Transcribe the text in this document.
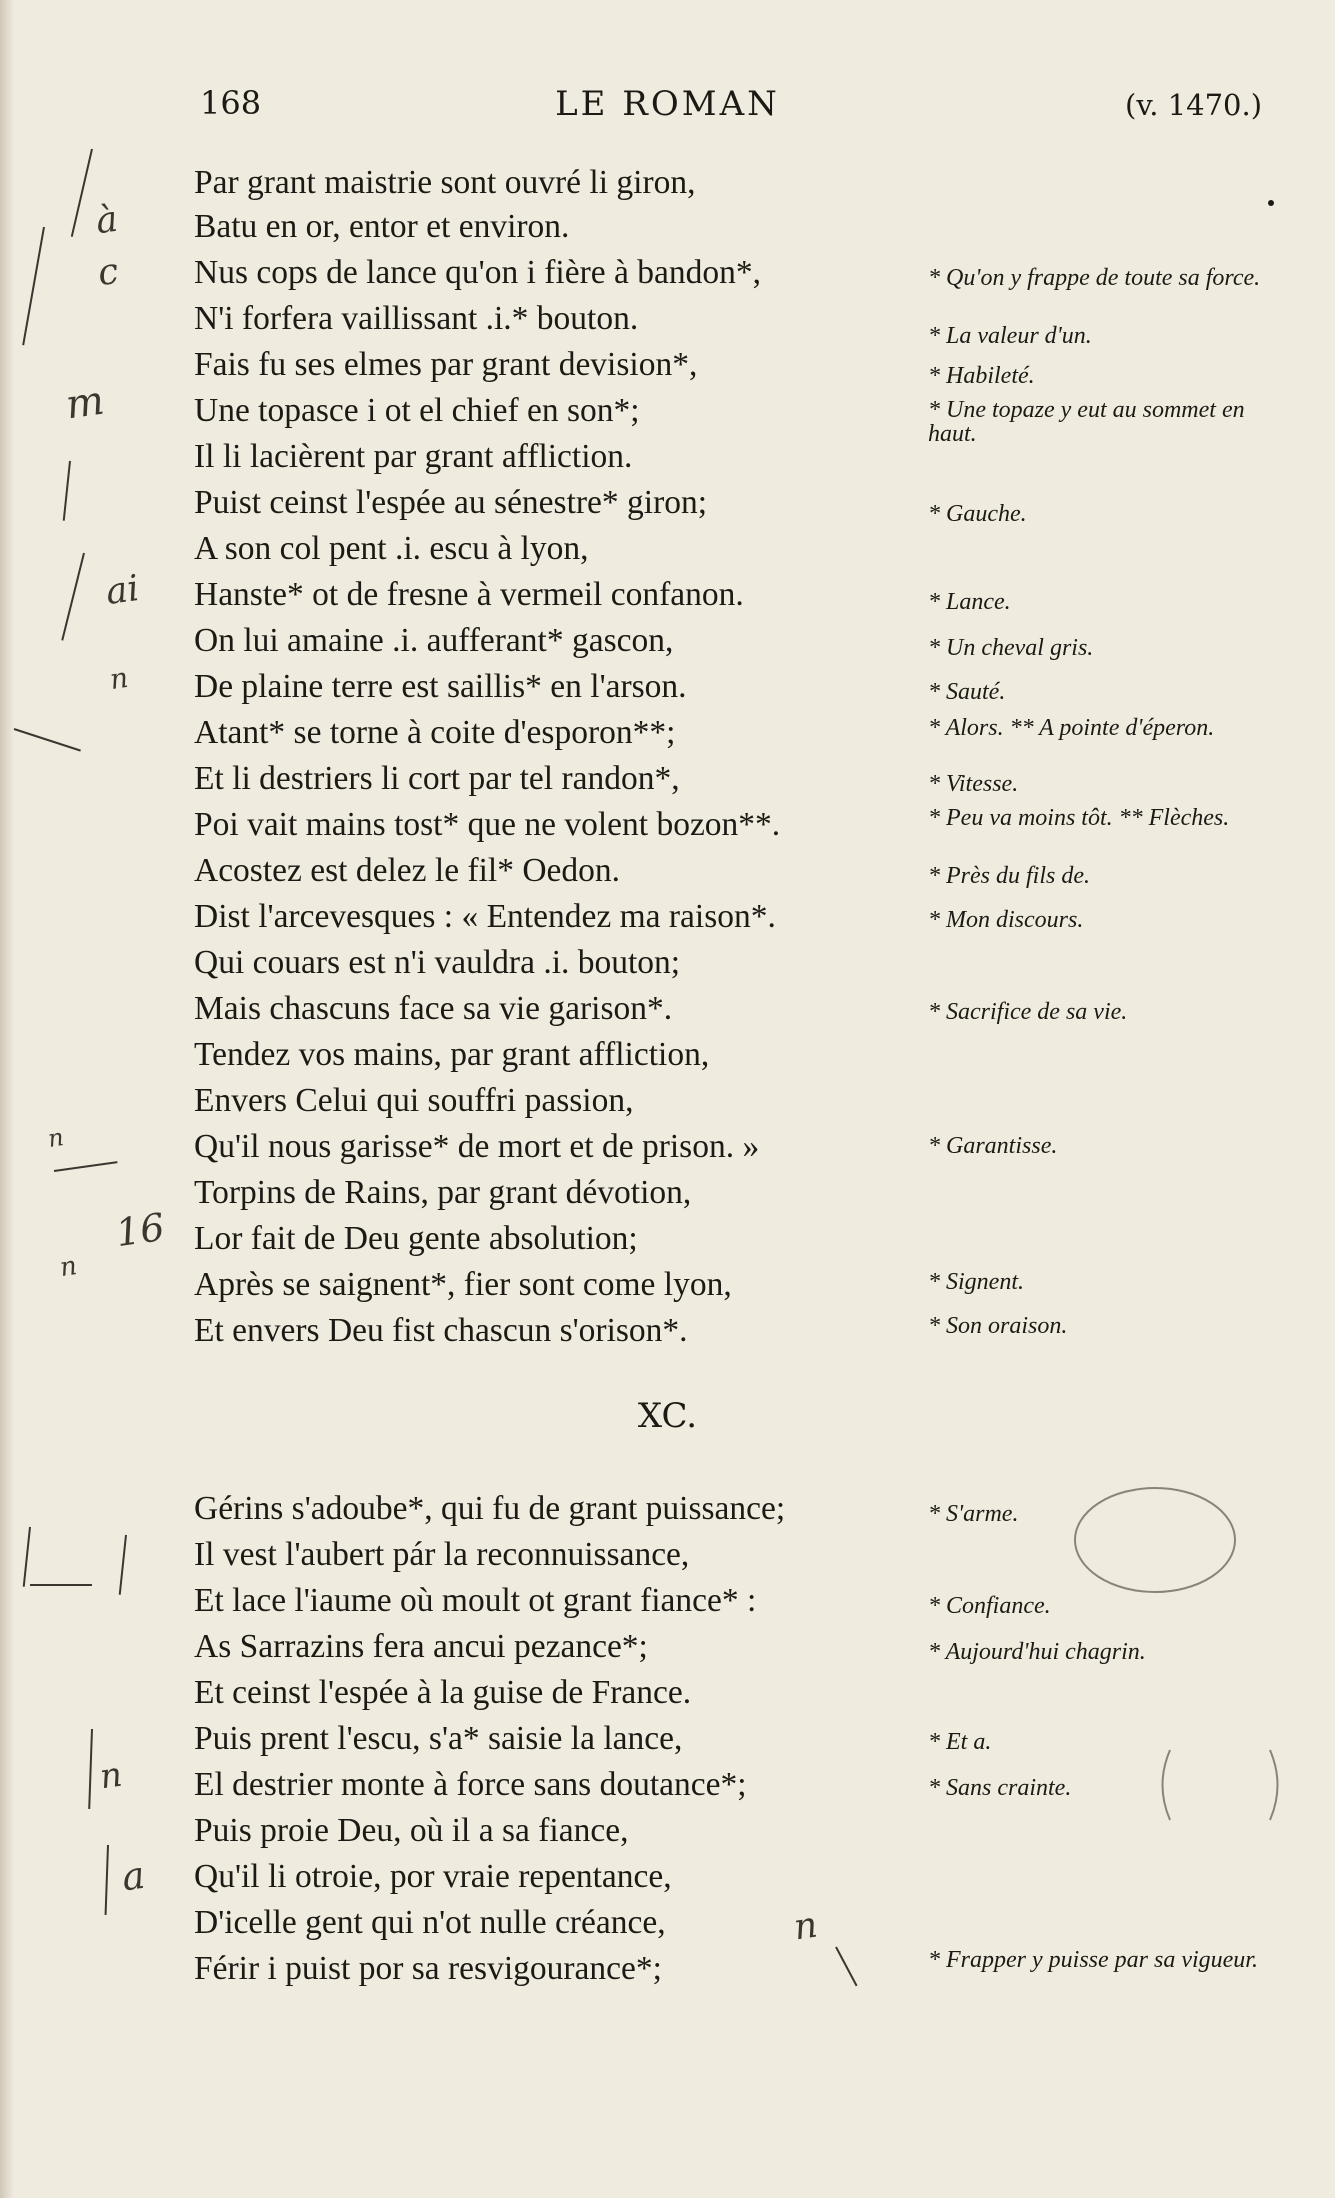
168	LE ROMAN	(v. 1470.)
Par grant maistrie sont ouvré li giron,
Batu en or, entor et environ.
Nus cops de lance qu'on i fière à bandon*,
N'i forfera vaillissant .i.* bouton.
Fais fu ses elmes par grant devision*,
Une topasce i ot el chief en son*;
Il li lacièrent par grant affliction.
Puist ceinst l'espée au sénestre* giron;
A son col pent .i. escu à lyon,
Hanste* ot de fresne à vermeil confanon.
On lui amaine .i. aufferant* gascon,
De plaine terre est saillis* en l'arson.
Atant* se torne à coite d'esporon**;
Et li destriers li cort par tel randon*,
Poi vait mains tost* que ne volent bozon**.
Acostez est delez le fil* Oedon.
Dist l'arcevesques : « Entendez ma raison*.
Qui couars est n'i vauldra .i. bouton;
Mais chascuns face sa vie garison*.
Tendez vos mains, par grant affliction,
Envers Celui qui souffri passion,
Qu'il nous garisse* de mort et de prison. »
Torpins de Rains, par grant dévotion,
Lor fait de Deu gente absolution;
Après se saignent*, fier sont come lyon,
Et envers Deu fist chascun s'orison*.
* Qu'on y frappe de toute sa force.
* La valeur d'un.
* Habileté.
* Une topaze y eut au sommet en haut.
* Gauche.
* Lance.
* Un cheval gris.
* Sauté.
* Alors. ** A pointe d'éperon.
* Vitesse.
* Peu va moins tôt. ** Flèches.
* Près du fils de.
* Mon discours.
* Sacrifice de sa vie.
* Garantisse.
* Signent.
* Son oraison.
XC.
Gérins s'adoube*, qui fu de grant puissance;
Il vest l'aubert pár la reconnuissance,
Et lace l'iaume où moult ot grant fiance* :
As Sarrazins fera ancui pezance*;
Et ceinst l'espée à la guise de France.
Puis prent l'escu, s'a* saisie la lance,
El destrier monte à force sans doutance*;
Puis proie Deu, où il a sa fiance,
Qu'il li otroie, por vraie repentance,
D'icelle gent qui n'ot nulle créance,
Férir i puist por sa resvigourance*;
* S'arme.
* Confiance.
* Aujourd'hui chagrin.
* Et a.
* Sans crainte.
* Frapper y puisse par sa vigueur.
à
c
m
ai
n
n
16
n
n
a
n
